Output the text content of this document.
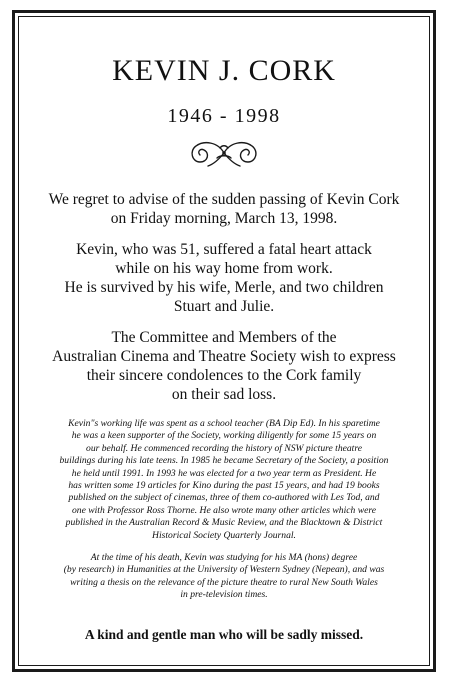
KEVIN J. CORK
1946 - 1998
We regret to advise of the sudden passing of Kevin Cork
on Friday morning, March 13, 1998.
Kevin, who was 51, suffered a fatal heart attack
while on his way home from work.
He is survived by his wife, Merle, and two children
Stuart and Julie.
The Committee and Members of the
Australian Cinema and Theatre Society wish to express
their sincere condolences to the Cork family
on their sad loss.
Kevin"s working life was spent as a school teacher (BA Dip Ed). In his sparetime
he was a keen supporter of the Society, working diligently for some 15 years on
our behalf. He commenced recording the history of NSW picture theatre
buildings during his late teens. In 1985 he became Secretary of the Society, a position
he held until 1991. In 1993 he was elected for a two year term as President. He
has written some 19 articles for Kino during the past 15 years, and had 19 books
published on the subject of cinemas, three of them co-authored with Les Tod, and
one with Professor Ross Thorne. He also wrote many other articles which were
published in the Australian Record & Music Review, and the Blacktown & District
Historical Society Quarterly Journal.
At the time of his death, Kevin was studying for his MA (hons) degree
(by research) in Humanities at the University of Western Sydney (Nepean), and was
writing a thesis on the relevance of the picture theatre to rural New South Wales
in pre-television times.
A kind and gentle man who will be sadly missed.
